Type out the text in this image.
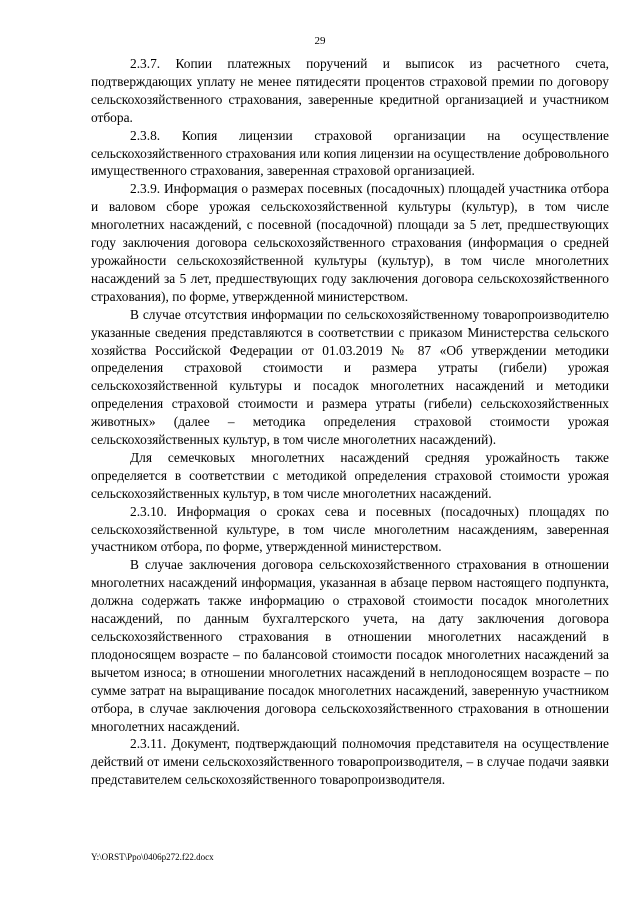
29

2.3.7. Копии платежных поручений и выписок из расчетного счета, подтверждающих уплату не менее пятидесяти процентов страховой премии по договору сельскохозяйственного страхования, заверенные кредитной организацией и участником отбора.

2.3.8. Копия лицензии страховой организации на осуществление сельскохозяйственного страхования или копия лицензии на осуществление добровольного имущественного страхования, заверенная страховой организацией.

2.3.9. Информация о размерах посевных (посадочных) площадей участника отбора и валовом сборе урожая сельскохозяйственной культуры (культур), в том числе многолетних насаждений, с посевной (посадочной) площади за 5 лет, предшествующих году заключения договора сельскохозяйственного страхования (информация о средней урожайности сельскохозяйственной культуры (культур), в том числе многолетних насаждений за 5 лет, предшествующих году заключения договора сельскохозяйственного страхования), по форме, утвержденной министерством.

В случае отсутствия информации по сельскохозяйственному товаропроизводителю указанные сведения представляются в соответствии с приказом Министерства сельского хозяйства Российской Федерации от 01.03.2019 № 87 «Об утверждении методики определения страховой стоимости и размера утраты (гибели) урожая сельскохозяйственной культуры и посадок многолетних насаждений и методики определения страховой стоимости и размера утраты (гибели) сельскохозяйственных животных» (далее – методика определения страховой стоимости урожая сельскохозяйственных культур, в том числе многолетних насаждений).

Для семечковых многолетних насаждений средняя урожайность также определяется в соответствии с методикой определения страховой стоимости урожая сельскохозяйственных культур, в том числе многолетних насаждений.

2.3.10. Информация о сроках сева и посевных (посадочных) площадях по сельскохозяйственной культуре, в том числе многолетним насаждениям, заверенная участником отбора, по форме, утвержденной министерством.

В случае заключения договора сельскохозяйственного страхования в отношении многолетних насаждений информация, указанная в абзаце первом настоящего подпункта, должна содержать также информацию о страховой стоимости посадок многолетних насаждений, по данным бухгалтерского учета, на дату заключения договора сельскохозяйственного страхования в отношении многолетних насаждений в плодоносящем возрасте – по балансовой стоимости посадок многолетних насаждений за вычетом износа; в отношении многолетних насаждений в неплодоносящем возрасте – по сумме затрат на выращивание посадок многолетних насаждений, заверенную участником отбора, в случае заключения договора сельскохозяйственного страхования в отношении многолетних насаждений.

2.3.11. Документ, подтверждающий полномочия представителя на осуществление действий от имени сельскохозяйственного товаропроизводителя, – в случае подачи заявки представителем сельскохозяйственного товаропроизводителя.

Y:\ORST\Ppo\0406p272.f22.docx
